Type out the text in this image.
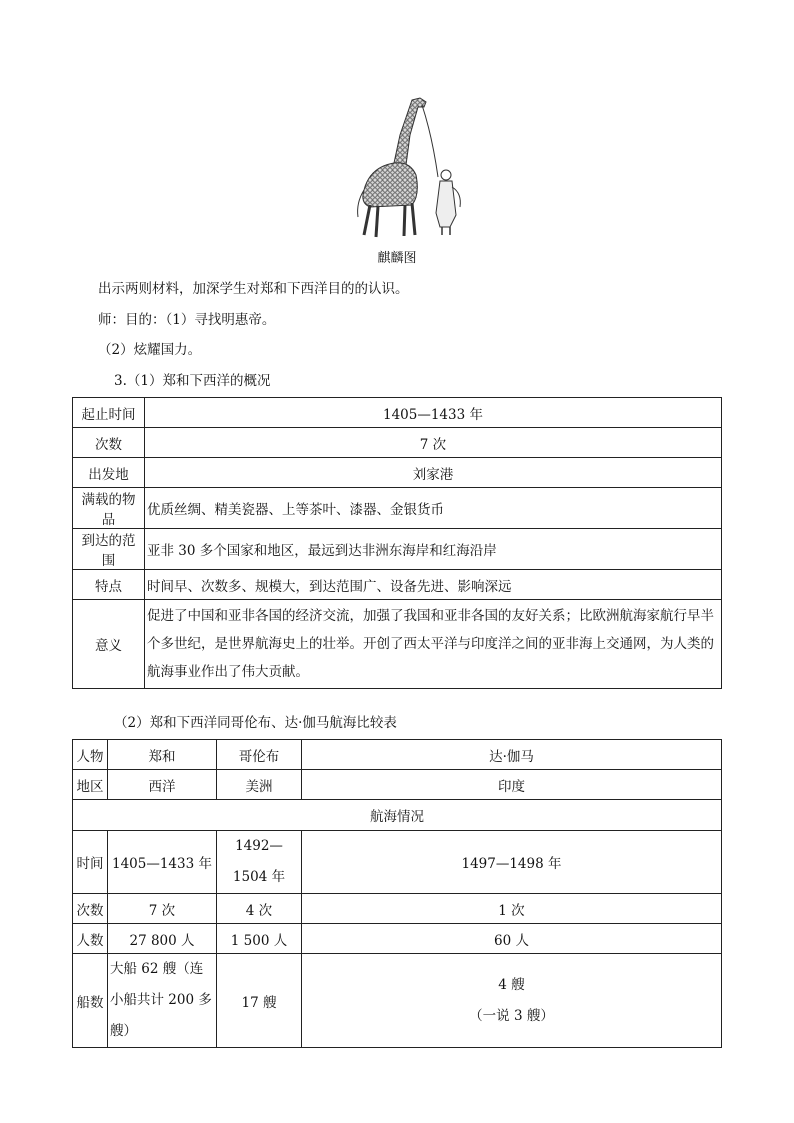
麒麟图
出示两则材料，加深学生对郑和下西洋目的的认识。
师：目的：（1）寻找明惠帝。
（2）炫耀国力。
3.（1）郑和下西洋的概况
起止时间	1405—1433 年
次数	7 次
出发地	刘家港
满载的物品	优质丝绸、精美瓷器、上等茶叶、漆器、金银货币
到达的范围	亚非 30 多个国家和地区，最远到达非洲东海岸和红海沿岸
特点	时间早、次数多、规模大，到达范围广、设备先进、影响深远
意义	促进了中国和亚非各国的经济交流，加强了我国和亚非各国的友好关系；比欧洲航海家航行早半个多世纪，是世界航海史上的壮举。开创了西太平洋与印度洋之间的亚非海上交通网，为人类的航海事业作出了伟大贡献。
（2）郑和下西洋同哥伦布、达·伽马航海比较表
人物	郑和	哥伦布	达·伽马
地区	西洋	美洲	印度
航海情况			
时间	1405—1433 年	1492—1504 年	1497—1498 年
次数	7 次	4 次	1 次
人数	27 800 人	1 500 人	60 人
船数	大船 62 艘（连小船共计 200 多艘）	17 艘	4 艘
（一说 3 艘）
